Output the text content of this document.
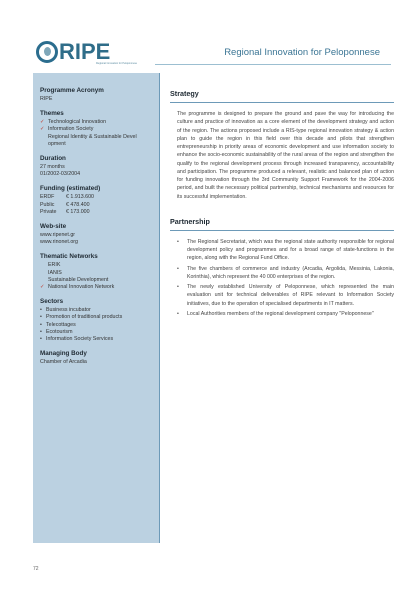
RIPE
Regional Innovation for Peloponnese
Regional Innovation for Peloponnese
Programme Acronym
RIPE
Themes
✓ Technological Innovation
✓ Information Society
Regional Identity & Sustainable Devel
opment
Duration
27 months
01/2002-03/2004
Funding (estimated)
ERDF	€ 1.913.600
Public	€ 478.400
Private	€ 173.000
Web-site
www.ripenet.gr
www.rinonet.org
Thematic Networks
ERIK
IANIS
Sustainable Development
✓ National Innovation Network
Sectors
• Business incubator
• Promotion of traditional products
• Telecottages
• Ecotourism
• Information Society Services
Managing Body
Chamber of Arcadia
Strategy

The programme is designed to prepare the ground and pave the way for introducing the culture and practice of innovation as a core element of the development strategy and action of the region. The actions proposed include a RIS-type regional innovation strategy & action plan to guide the region in this field over this decade and pilots that strengthen entrepreneurship in priority areas of economic development and use information society to enhance the socio-economic sustainability of the rural areas of the region and strengthen the qualify to the regional development process through increased transparency, accountability and participation. The programme produced a relevant, realistic and balanced plan of action for funding innovation through the 3rd Community Support Framework for the 2004-2006 period, and built the necessary political partnership, technical mechanisms and resources for its successful implementation.

Partnership
•	The Regional Secretariat, which was the regional state authority responsible for regional development policy and programmes and for a broad range of state-functions in the region, along with the Regional Fund Office.
•	The five chambers of commerce and industry (Arcadia, Argolida, Messinia, Lakonia, Korinthia), which represent the 40 000 enterprises of the region.
•	The newly established University of Peloponnese, which represented the main evaluation unit for technical deliverables of RIPE relevant to Information Society initiatives, due to the operation of specialised departments in IT matters.
•	Local Authorities members of the regional development company "Peloponnese"
72
